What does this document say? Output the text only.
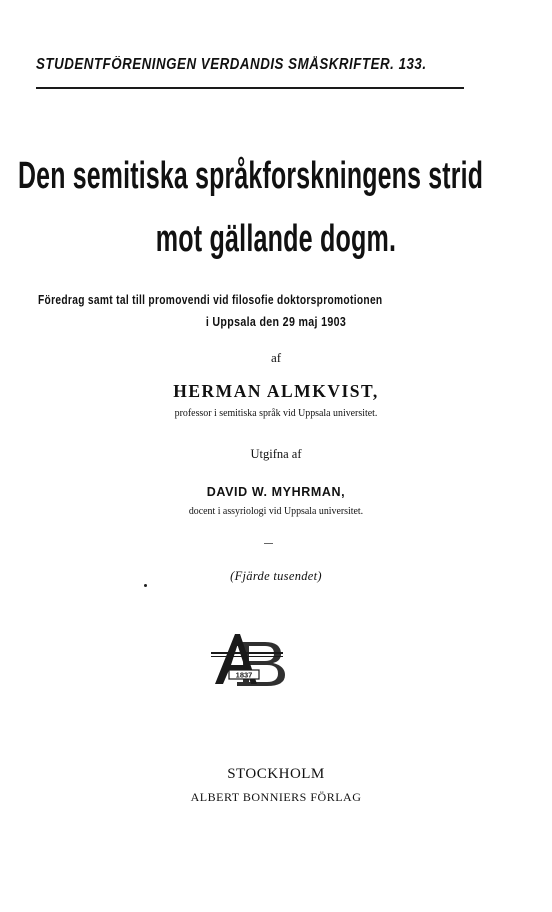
STUDENTFÖRENINGEN VERDANDIS SMÅSKRIFTER. 133.
Den semitiska språkforskningens strid
mot gällande dogm.
Föredrag samt tal till promovendi vid filosofie doktorspromotionen
i Uppsala den 29 maj 1903
af
HERMAN ALMKVIST,
professor i semitiska språk vid Uppsala universitet.
Utgifna af
DAVID W. MYHRMAN,
docent i assyriologi vid Uppsala universitet.
(Fjärde tusendet)
1837
STOCKHOLM
ALBERT BONNIERS FÖRLAG
